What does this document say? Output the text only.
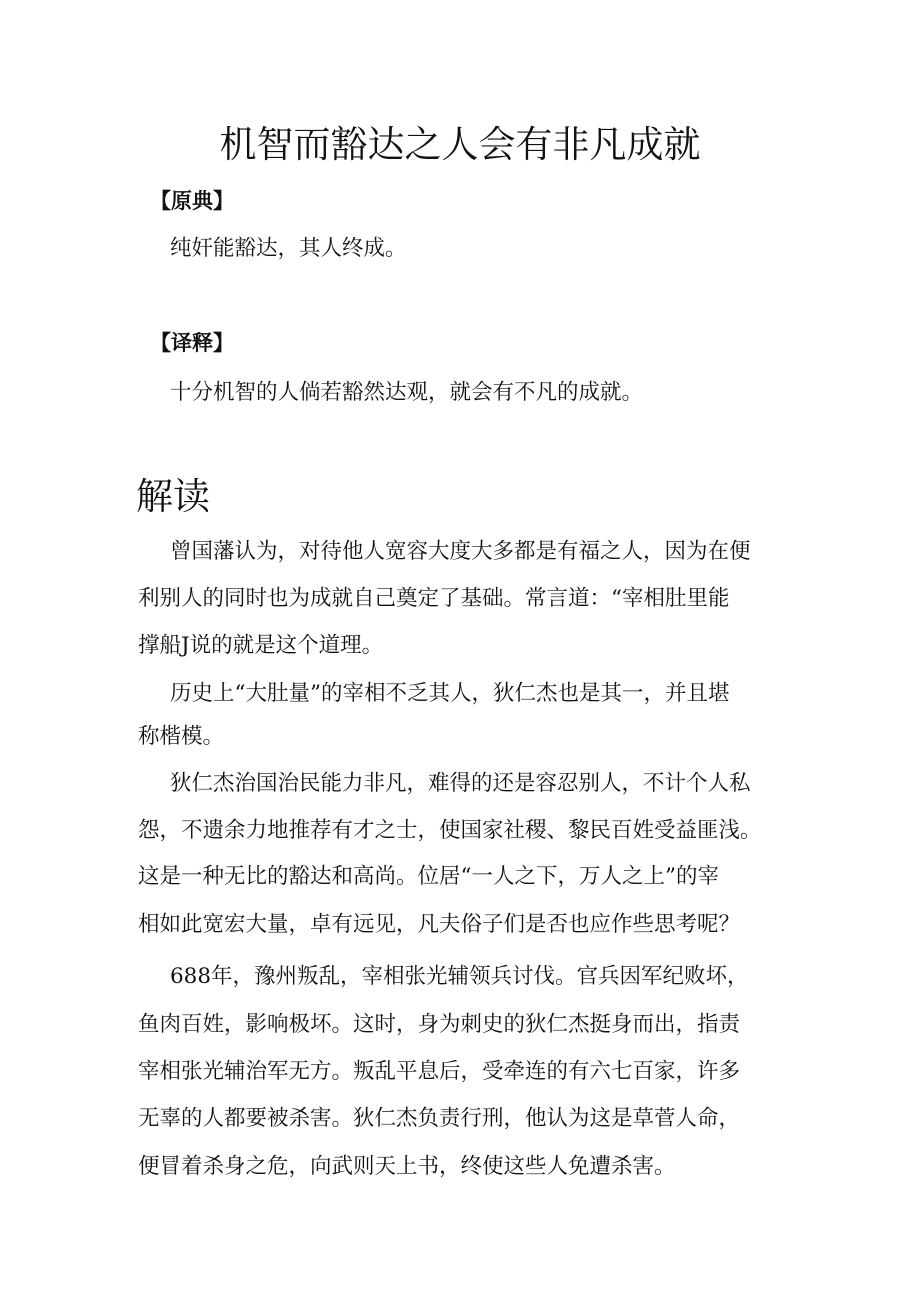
机智而豁达之人会有非凡成就
【原典】
纯奸能豁达，其人终成。
【译释】
十分机智的人倘若豁然达观，就会有不凡的成就。
解读
曾国藩认为，对待他人宽容大度大多都是有福之人，因为在便
利别人的同时也为成就自己奠定了基础。常言道：“宰相肚里能
撑船J说的就是这个道理。
历史上“大肚量”的宰相不乏其人，狄仁杰也是其一，并且堪
称楷模。
狄仁杰治国治民能力非凡，难得的还是容忍别人，不计个人私
怨，不遗余力地推荐有才之士，使国家社稷、黎民百姓受益匪浅。
这是一种无比的豁达和高尚。位居“一人之下，万人之上”的宰
相如此宽宏大量，卓有远见，凡夫俗子们是否也应作些思考呢？
688年，豫州叛乱，宰相张光辅领兵讨伐。官兵因军纪败坏，
鱼肉百姓，影响极坏。这时，身为刺史的狄仁杰挺身而出，指责
宰相张光辅治军无方。叛乱平息后，受牵连的有六七百家，许多
无辜的人都要被杀害。狄仁杰负责行刑，他认为这是草菅人命，
便冒着杀身之危，向武则天上书，终使这些人免遭杀害。
